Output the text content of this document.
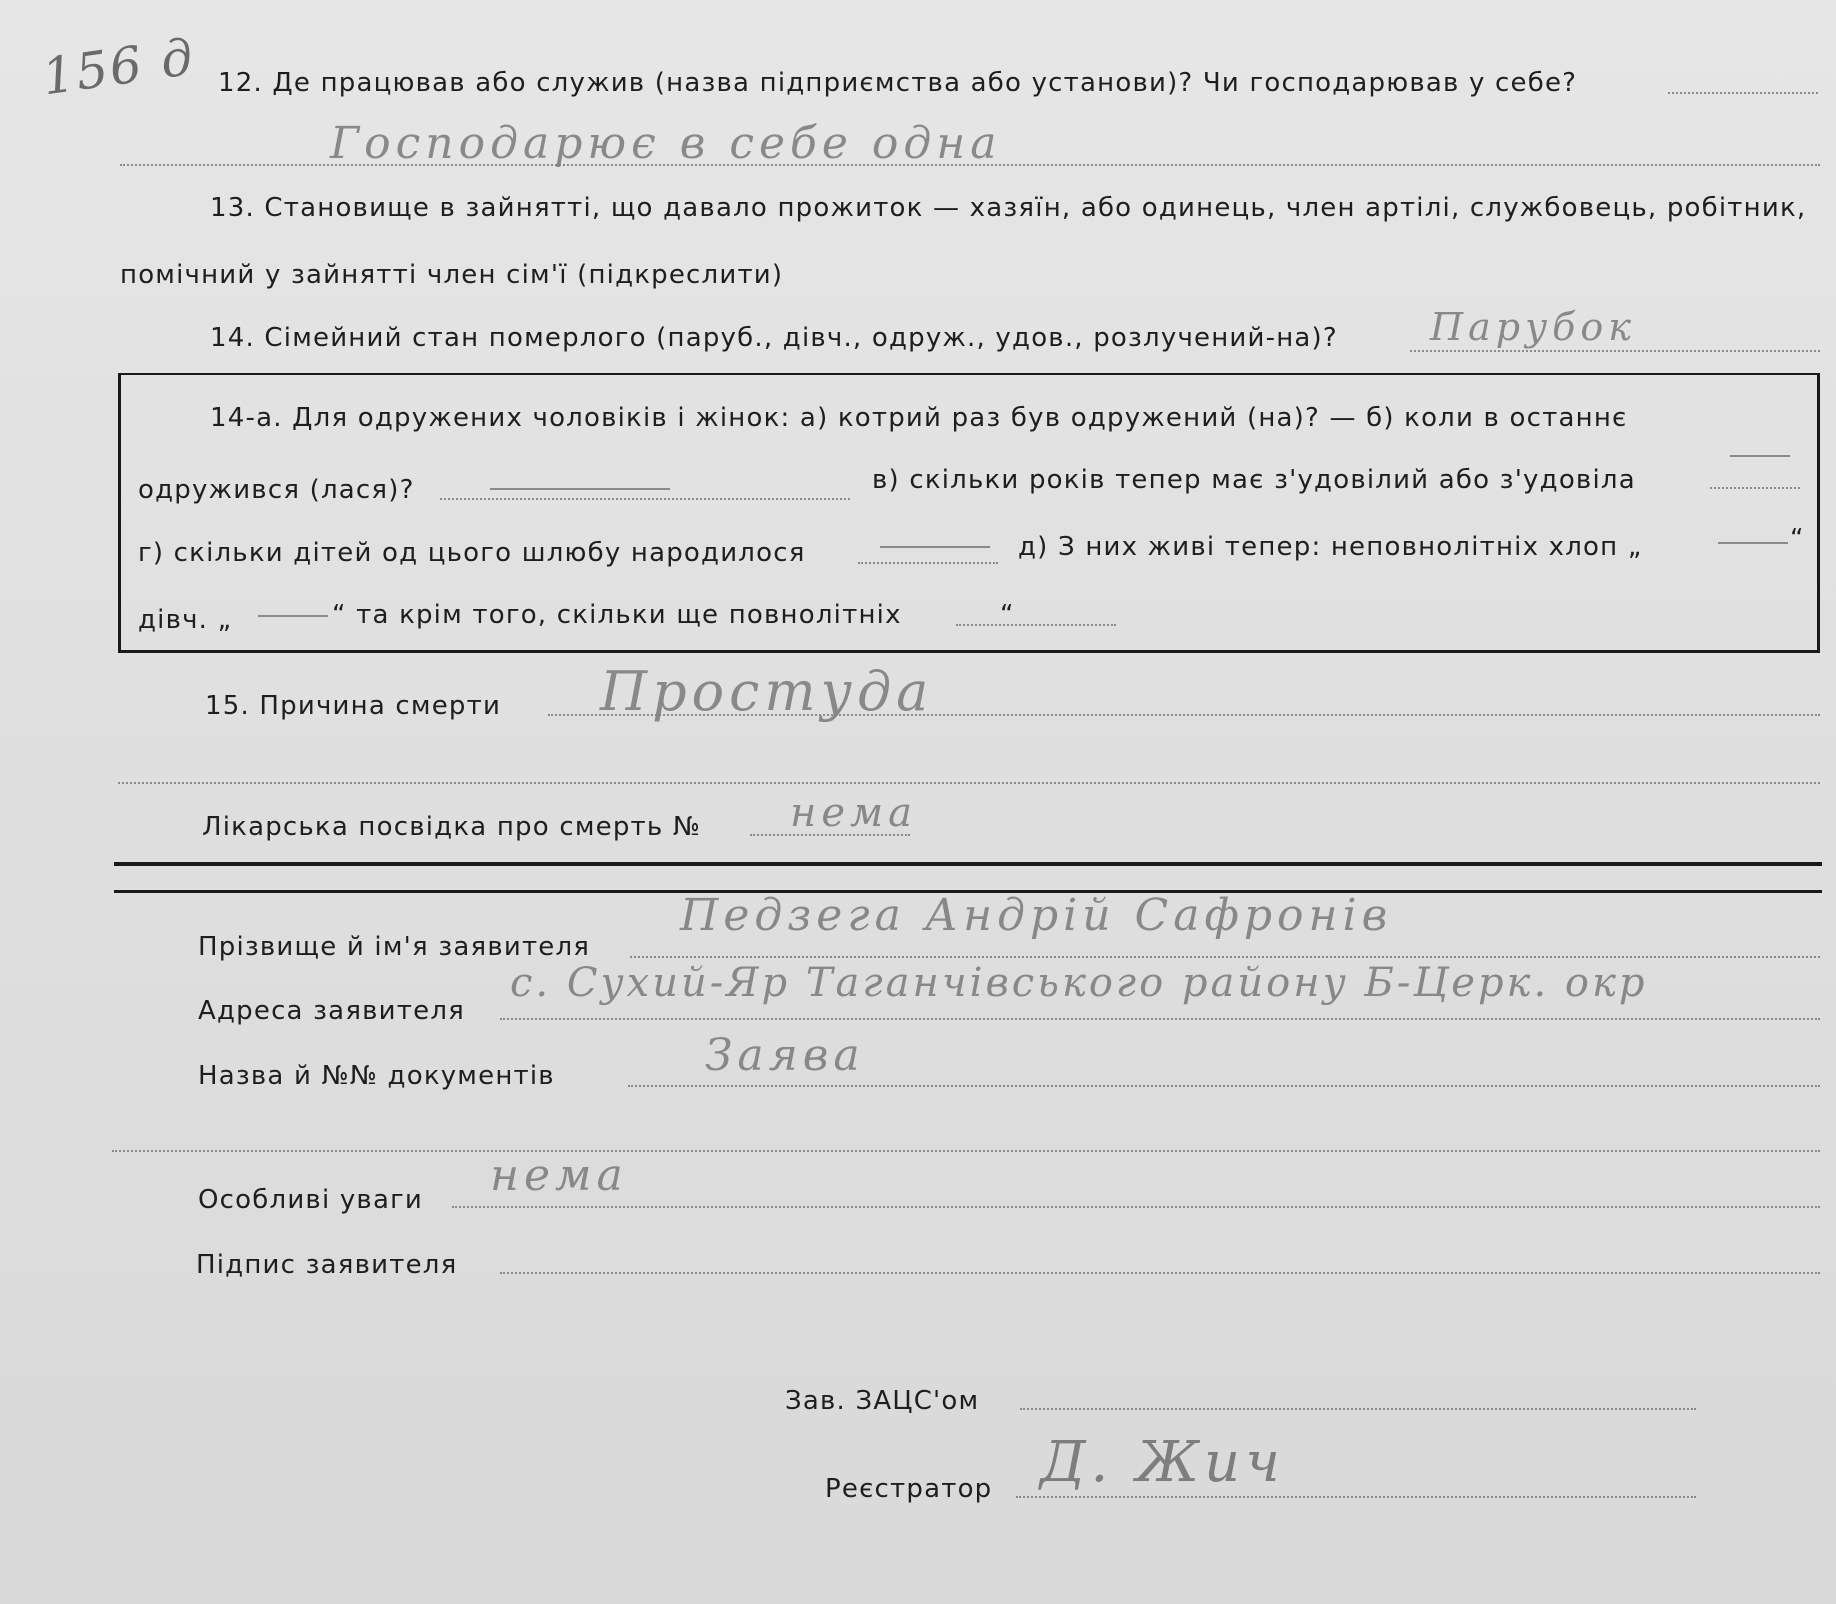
156 д 12. Де працював або служив (назва підприємства або установи)? Чи господарював у себе?
Господарює в себе одна
13. Становище в зайнятті, що давало прожиток — хазяїн, або одинець, член артілі, службовець, робітник,
помічний у зайнятті член сім'ї (підкреслити)
14. Сімейний стан померлого (паруб., дівч., одруж., удов., розлучений-на)? Парубок
14-а. Для одружених чоловіків і жінок: а) котрий раз був одружений (на)? — б) коли в останнє
одружився (лася)?	в) скільки років тепер має з'удовілий або з'удовіла
г) скільки дітей од цього шлюбу народилося	д) З них живі тепер: неповнолітніх хлоп „	“
дівч. „	“ та крім того, скільки ще повнолітніх	“
15. Причина смерти Простуда
Лікарська посвідка про смерть № нема
Прізвище й ім'я заявителя
Педзега Андрій Сафронів
Адреса заявителя
с. Сухий-Яр Таганчівського району Б-Церк. окр
Назва й №№ документів	Заява
Особливі уваги нема
Підпис заявителя
Зав. ЗАЦС'ом
Реєстратор Д. Жич
